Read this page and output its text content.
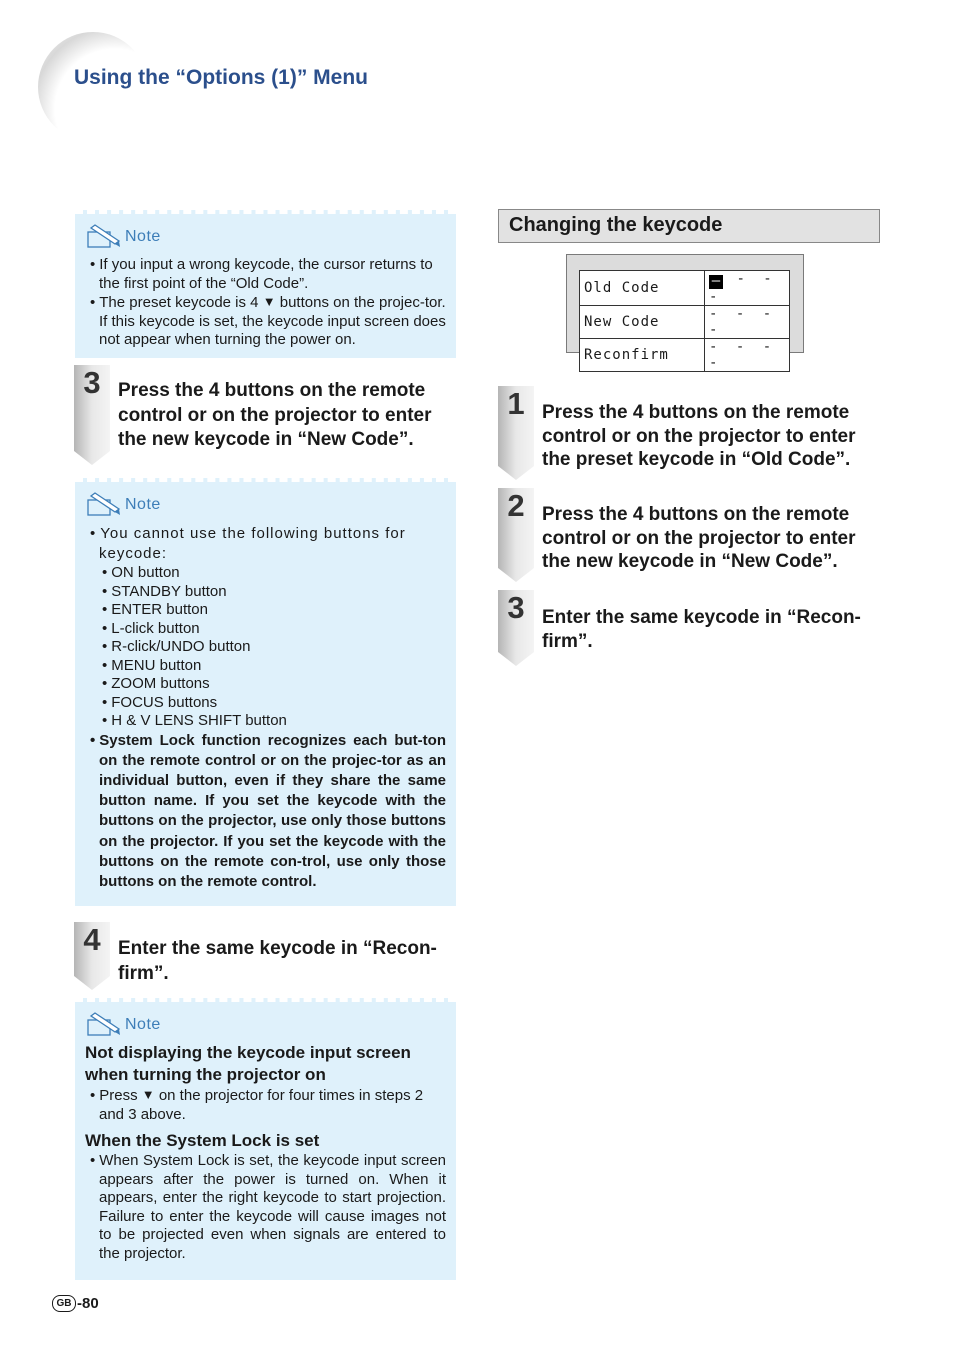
Using the “Options (1)” Menu
Note
• If you input a wrong keycode, the cursor returns to the first point of the “Old Code”.
• The preset keycode is 4 ▼ buttons on the projec-tor. If this keycode is set, the keycode input screen does not appear when turning the power on.
3 Press the 4 buttons on the remote control or on the projector to enter the new keycode in “New Code”.
Note
• You cannot use the following buttons for keycode:
• ON button
• STANDBY button
• ENTER button
• L-click button
• R-click/UNDO button
• MENU button
• ZOOM buttons
• FOCUS buttons
• H & V LENS SHIFT button
• System Lock function recognizes each but-ton on the remote control or on the projec-tor as an individual button, even if they share the same button name. If you set the keycode with the buttons on the projector, use only those buttons on the projector. If you set the keycode with the buttons on the remote con-trol, use only those buttons on the remote control.
4 Enter the same keycode in “Recon-firm”.
Note

Not displaying the keycode input screen when turning the projector on

• Press ▼ on the projector for four times in steps 2 and 3 above.

When the System Lock is set

• When System Lock is set, the keycode input screen appears after the power is turned on. When it appears, enter the right keycode to start projection. Failure to enter the keycode will cause images not to be projected even when signals are entered to the projector.
Changing the keycode
Old Code	– - - -
New Code	- - - -
Reconfirm	- - - -
1 Press the 4 buttons on the remote control or on the projector to enter the preset keycode in “Old Code”.
2 Press the 4 buttons on the remote control or on the projector to enter the new keycode in “New Code”.
3 Enter the same keycode in “Recon-firm”.
GB -80
